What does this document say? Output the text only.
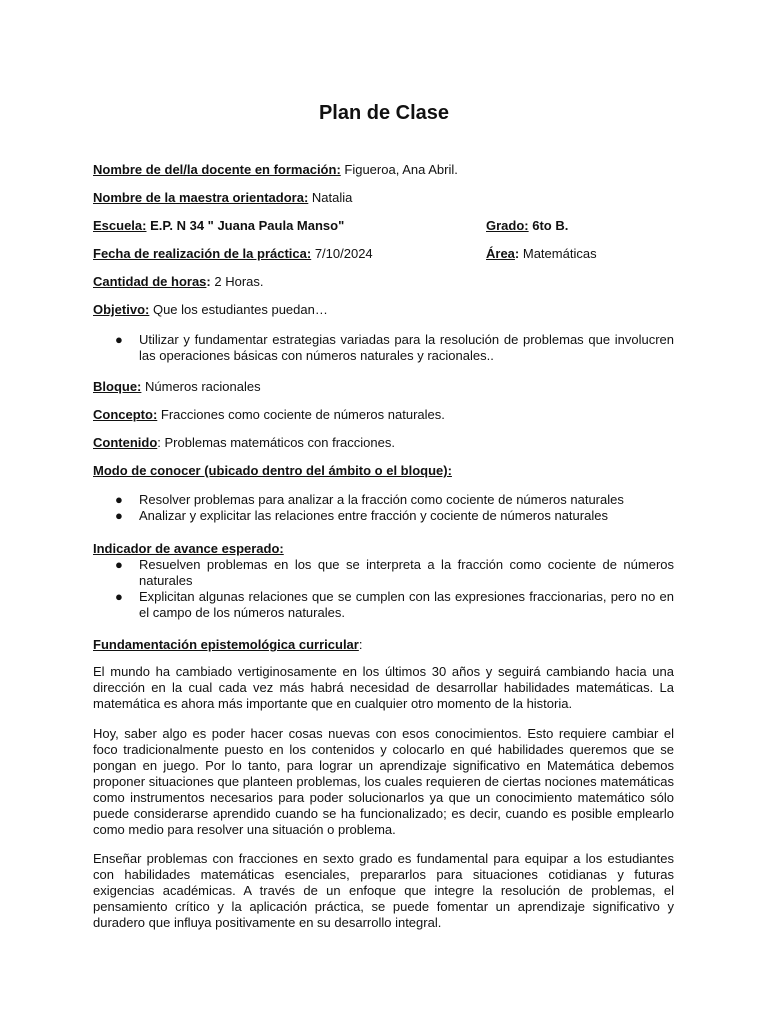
Plan de Clase
Nombre de del/la docente en formación: Figueroa, Ana Abril.
Nombre de la maestra orientadora: Natalia
Escuela: E.P. N 34 " Juana Paula Manso"	Grado: 6to B.
Fecha de realización de la práctica: 7/10/2024	Área: Matemáticas
Cantidad de horas: 2 Horas.
Objetivo: Que los estudiantes puedan…
● Utilizar y fundamentar estrategias variadas para la resolución de problemas que involucren las operaciones básicas con números naturales y racionales..
Bloque: Números racionales
Concepto: Fracciones como cociente de números naturales.
Contenido: Problemas matemáticos con fracciones.
Modo de conocer (ubicado dentro del ámbito o el bloque):
● Resolver problemas para analizar a la fracción como cociente de números naturales
● Analizar y explicitar las relaciones entre fracción y cociente de números naturales
Indicador de avance esperado:
● Resuelven problemas en los que se interpreta a la fracción como cociente de números naturales
● Explicitan algunas relaciones que se cumplen con las expresiones fraccionarias, pero no en el campo de los números naturales.
Fundamentación epistemológica curricular:
El mundo ha cambiado vertiginosamente en los últimos 30 años y seguirá cambiando hacia una dirección en la cual cada vez más habrá necesidad de desarrollar habilidades matemáticas. La matemática es ahora más importante que en cualquier otro momento de la historia.
Hoy, saber algo es poder hacer cosas nuevas con esos conocimientos. Esto requiere cambiar el foco tradicionalmente puesto en los contenidos y colocarlo en qué habilidades queremos que se pongan en juego. Por lo tanto, para lograr un aprendizaje significativo en Matemática debemos proponer situaciones que planteen problemas, los cuales requieren de ciertas nociones matemáticas como instrumentos necesarios para poder solucionarlos ya que un conocimiento matemático sólo puede considerarse aprendido cuando se ha funcionalizado; es decir, cuando es posible emplearlo como medio para resolver una situación o problema.
Enseñar problemas con fracciones en sexto grado es fundamental para equipar a los estudiantes con habilidades matemáticas esenciales, prepararlos para situaciones cotidianas y futuras exigencias académicas. A través de un enfoque que integre la resolución de problemas, el pensamiento crítico y la aplicación práctica, se puede fomentar un aprendizaje significativo y duradero que influya positivamente en su desarrollo integral.
